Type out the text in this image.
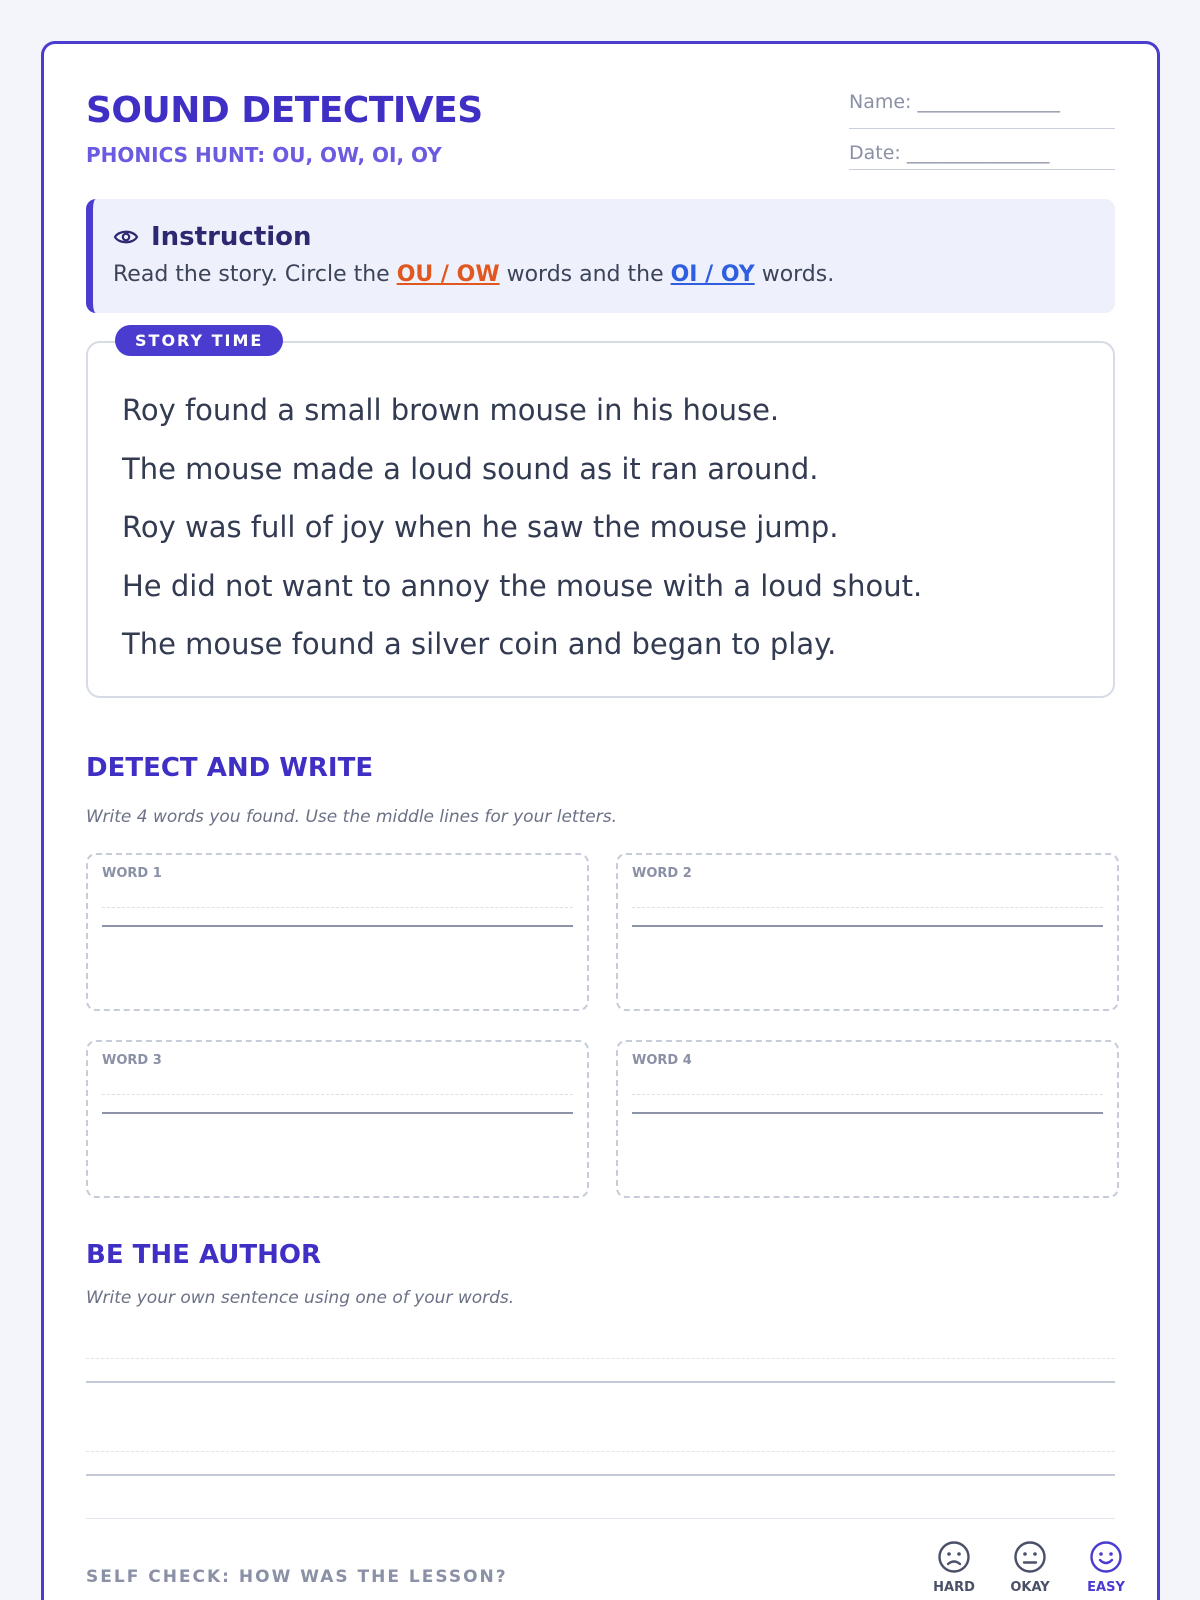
SOUND DETECTIVES
PHONICS HUNT: OU, OW, OI, OY
Name: _______________
Date: _______________
Instruction
Read the story. Circle the OU / OW words and the OI / OY words.
STORY TIME
Roy found a small brown mouse in his house.
The mouse made a loud sound as it ran around.
Roy was full of joy when he saw the mouse jump.
He did not want to annoy the mouse with a loud shout.
The mouse found a silver coin and began to play.
DETECT AND WRITE
Write 4 words you found. Use the middle lines for your letters.
WORD 1	WORD 2
WORD 3	WORD 4
BE THE AUTHOR
Write your own sentence using one of your words.
SELF CHECK: HOW WAS THE LESSON?
HARD	OKAY	EASY
